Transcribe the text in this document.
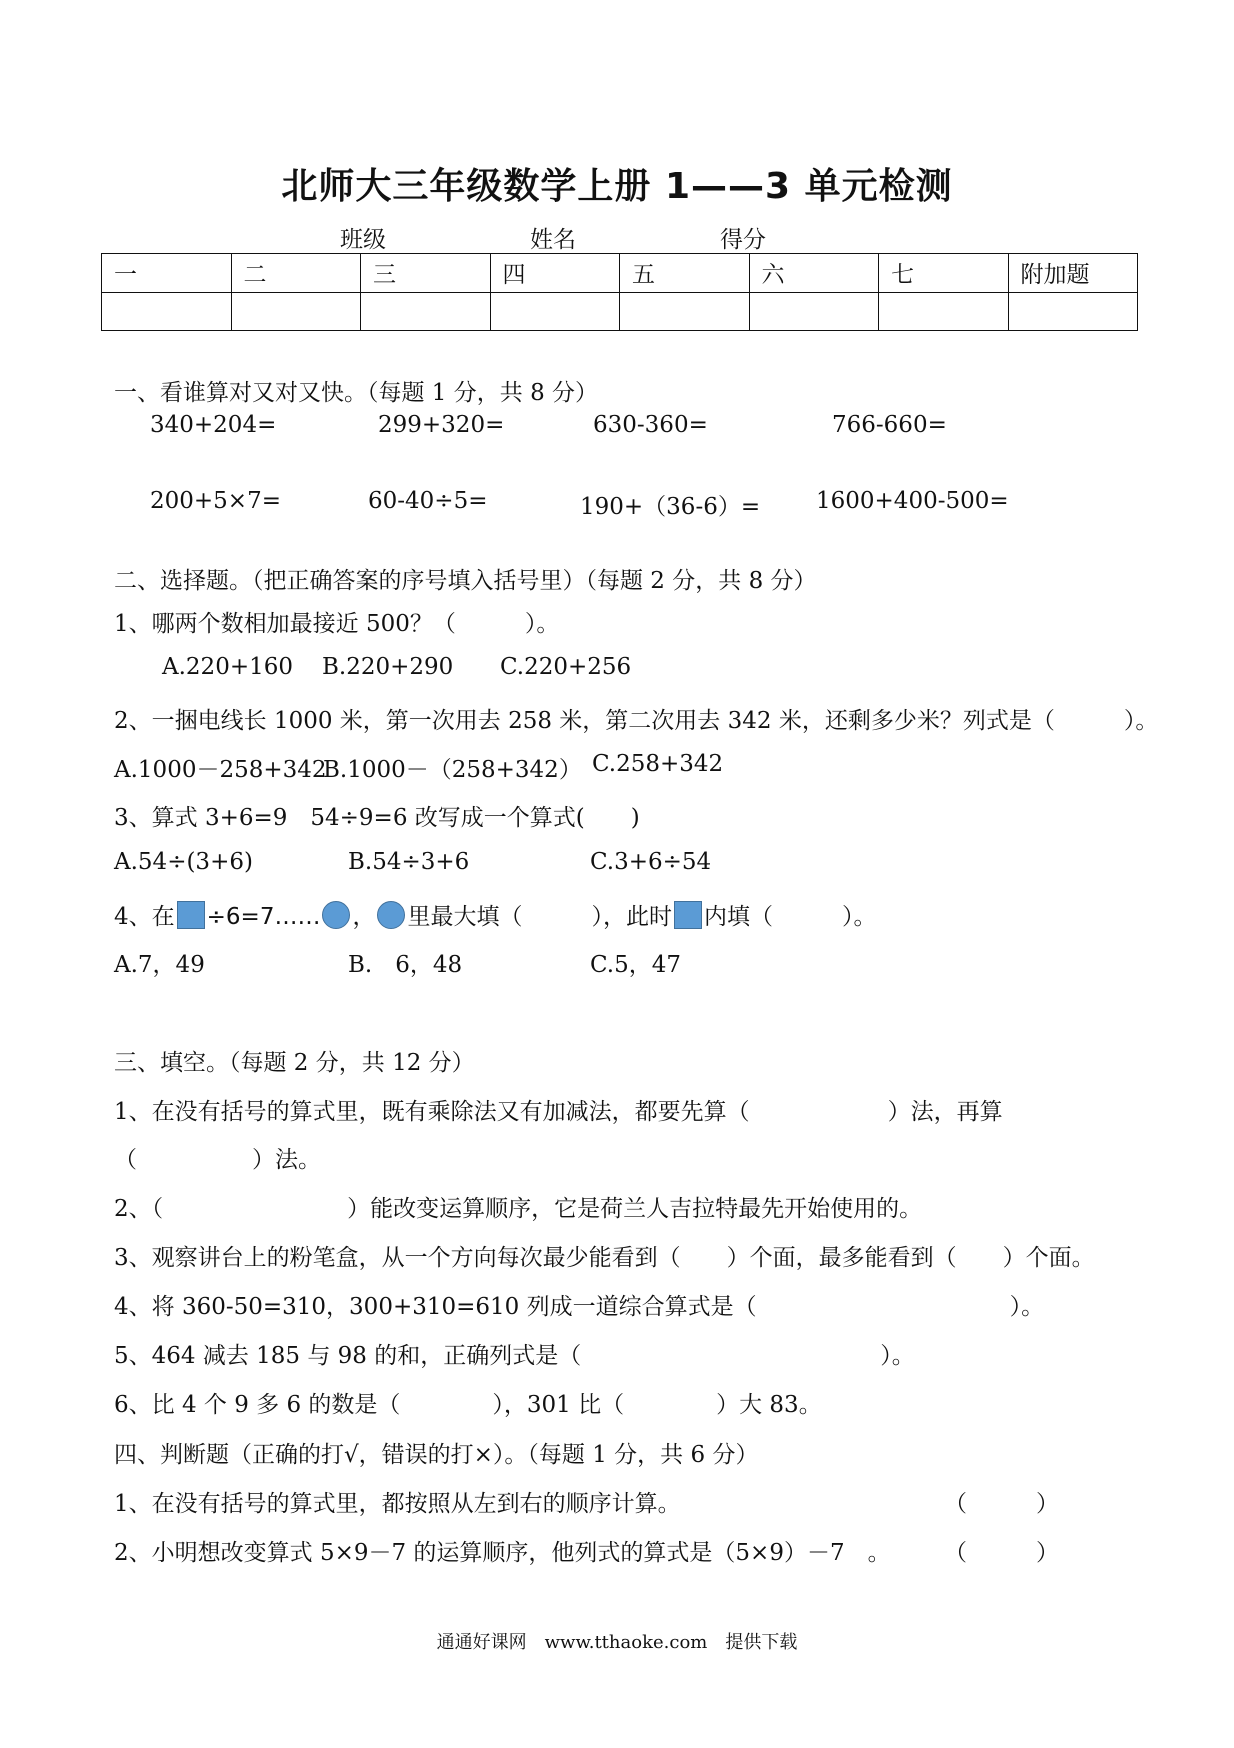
北师大三年级数学上册 1——3 单元检测
班级	姓名	得分
一	二	三	四	五	六	七	附加题

一、看谁算对又对又快。（每题 1 分，共 8 分）
340+204=	299+320=	630-360=	766-660=
200+5×7=	60-40÷5=	190+（36-6）= 1600+400-500=
二、选择题。（把正确答案的序号填入括号里）（每题 2 分，共 8 分）
1、哪两个数相加最接近 500？（　　　）。
A.220+160 B.220+290 C.220+256
2、一捆电线长 1000 米，第一次用去 258 米，第二次用去 342 米，还剩多少米？列式是（　　　）。
A.1000－258+342
B.1000－（258+342） C.258+342
3、算式 3+6=9　54÷9=6 改写成一个算式(　　)
A.54÷(3+6)	B.54÷3+6	C.3+6÷54
4、在 ÷6=7…… ， 里最大填（　　　），此时 内填（　　　）。
A.7，49	B.　6，48	C.5，47
三、填空。（每题 2 分，共 12 分）
1、在没有括号的算式里，既有乘除法又有加减法，都要先算（　　　　　　）法，再算
（　　　　　）法。
2、（　　　　　　　　）能改变运算顺序，它是荷兰人吉拉特最先开始使用的。
3、观察讲台上的粉笔盒，从一个方向每次最少能看到（　　）个面，最多能看到（　　）个面。
4、将 360-50=310，300+310=610 列成一道综合算式是（　　　　　　　　　　　）。
5、464 减去 185 与 98 的和，正确列式是（　　　　　　　　　　　　　）。
6、比 4 个 9 多 6 的数是（　　　　），301 比（　　　　）大 83。
四、判断题（正确的打√，错误的打×）。（每题 1 分，共 6 分）
1、在没有括号的算式里，都按照从左到右的顺序计算。	（　　　）
2、小明想改变算式 5×9－7 的运算顺序，他列式的算式是（5×9）－7　。 （　　　）
通通好课网　www.tthaoke.com　提供下载
